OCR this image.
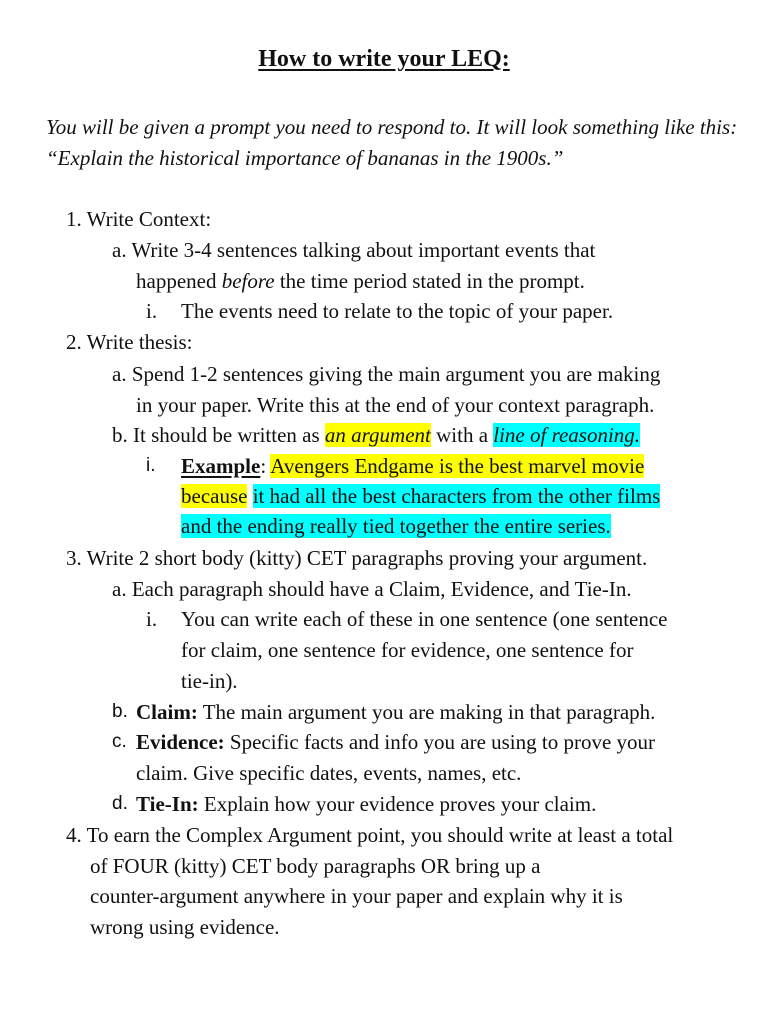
How to write your LEQ:
You will be given a prompt you need to respond to. It will look something like this: “Explain the historical importance of bananas in the 1900s.”
1. Write Context:
a. Write 3-4 sentences talking about important events that
happened before the time period stated in the prompt.
i. The events need to relate to the topic of your paper.
2. Write thesis:
a. Spend 1-2 sentences giving the main argument you are making
in your paper. Write this at the end of your context paragraph.
b. It should be written as an argument with a line of reasoning.
i. Example: Avengers Endgame is the best marvel movie
because it had all the best characters from the other films
and the ending really tied together the entire series.
3. Write 2 short body (kitty) CET paragraphs proving your argument.
a. Each paragraph should have a Claim, Evidence, and Tie-In.
i. You can write each of these in one sentence (one sentence
for claim, one sentence for evidence, one sentence for
tie-in).
b. Claim: The main argument you are making in that paragraph.
c. Evidence: Specific facts and info you are using to prove your
claim. Give specific dates, events, names, etc.
d. Tie-In: Explain how your evidence proves your claim.
4. To earn the Complex Argument point, you should write at least a total
of FOUR (kitty) CET body paragraphs OR bring up a
counter-argument anywhere in your paper and explain why it is
wrong using evidence.
